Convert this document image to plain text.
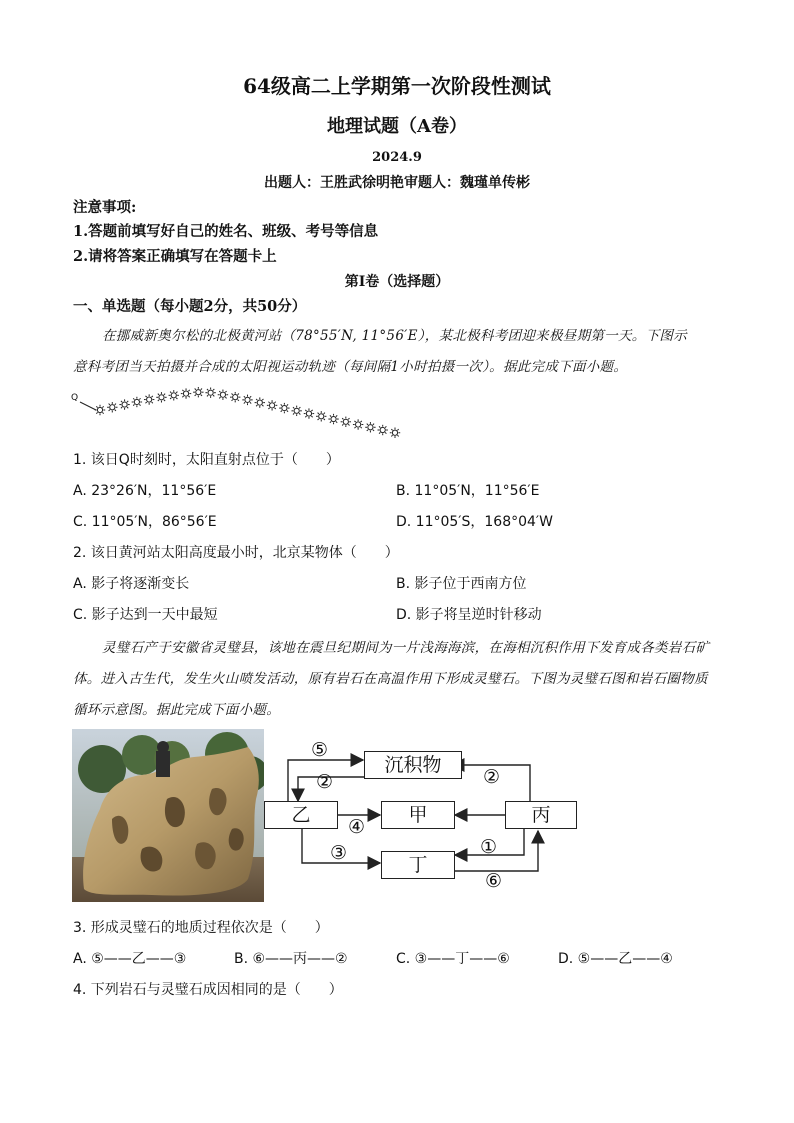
64级高二上学期第一次阶段性测试
地理试题（A卷）
2024.9
出题人：王胜武徐明艳审题人：魏瑾单传彬
注意事项:
1.答题前填写好自己的姓名、班级、考号等信息
2.请将答案正确填写在答题卡上
第I卷（选择题）
一、单选题（每小题2分，共50分）
在挪威新奥尔松的北极黄河站（78°55′N, 11°56′E），某北极科考团迎来极昼期第一天。下图示
意科考团当天拍摄并合成的太阳视运动轨迹（每间隔1小时拍摄一次）。据此完成下面小题。
Q
1. 该日Q时刻时，太阳直射点位于（　　）
A. 23°26′N，11°56′E	B. 11°05′N，11°56′E
C. 11°05′N，86°56′E	D. 11°05′S，168°04′W
2. 该日黄河站太阳高度最小时，北京某物体（　　）
A. 影子将逐渐变长	B. 影子位于西南方位
C. 影子达到一天中最短	D. 影子将呈逆时针移动
灵璧石产于安徽省灵璧县，该地在震旦纪期间为一片浅海海滨，在海相沉积作用下发育成各类岩石矿
体。进入古生代，发生火山喷发活动，原有岩石在高温作用下形成灵璧石。下图为灵璧石图和岩石圈物质
循环示意图。据此完成下面小题。
沉积物
乙	甲	丙
丁
⑤
②	②
④
③	①
⑥
3. 形成灵璧石的地质过程依次是（　　）
A. ⑤——乙——③	B. ⑥——丙——②	C. ③——丁——⑥	D. ⑤——乙——④
4. 下列岩石与灵璧石成因相同的是（　　）
